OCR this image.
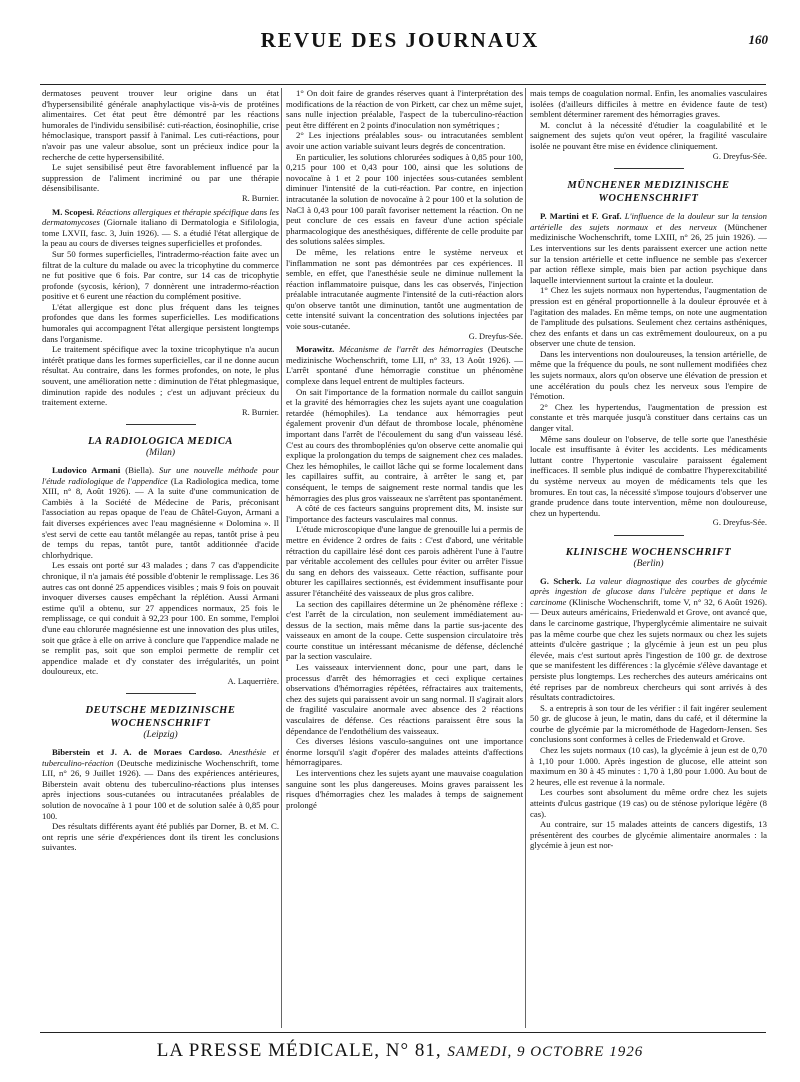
REVUE DES JOURNAUX	160

dermatoses peuvent trouver leur origine dans un état d'hypersensibilité générale anaphylactique vis-à-vis de protéines alimentaires. Cet état peut être démontré par les réactions humorales de l'individu sensibilisé: cuti-réaction, éosinophilie, crise hémoclasique, transport passif à l'animal. Les cuti-réactions, pour n'avoir pas une valeur absolue, sont un précieux indice pour la recherche de cette hypersensibilité.

Le sujet sensibilisé peut être favorablement influencé par la suppression de l'aliment incriminé ou par une thérapie désensibilisante.

R. Burnier.

M. Scopesi. Réactions allergiques et thérapie spécifique dans les dermatomycoses (Giornale italiano di Dermatologia e Sifilologia, tome LXVII, fasc. 3, Juin 1926). — S. a étudié l'état allergique de la peau au cours de diverses teignes superficielles et profondes.

Sur 50 formes superficielles, l'intradermo-réaction faite avec un filtrat de la culture du malade ou avec la tricophytine du commerce ne fut positive que 6 fois. Par contre, sur 14 cas de tricophytie profonde (sycosis, kérion), 7 donnèrent une intradermo-réaction positive et 6 eurent une réaction du complément positive.

L'état allergique est donc plus fréquent dans les teignes profondes que dans les formes superficielles. Les modifications humorales qui accompagnent l'état allergique persistent longtemps dans l'organisme.

Le traitement spécifique avec la toxine tricophytique n'a aucun intérêt pratique dans les formes superficielles, car il ne donne aucun résultat. Au contraire, dans les formes profondes, on note, le plus souvent, une amélioration nette : diminution de l'état phlegmasique, diminution rapide des nodules ; c'est un adjuvant précieux du traitement externe.

R. Burnier.

LA RADIOLOGICA MEDICA

(Milan)

Ludovico Armani (Biella). Sur une nouvelle méthode pour l'étude radiologique de l'appendice (La Radiologica medica, tome XIII, n° 8, Août 1926). — A la suite d'une communication de Cambiès à la Société de Médecine de Paris, préconisant l'association au repas opaque de l'eau de Châtel-Guyon, Armani a fait diverses expériences avec l'eau magnésienne « Dolomina ». Il s'est servi de cette eau tantôt mélangée au repas, tantôt prise à peu de temps du repas, tantôt pure, tantôt additionnée d'acide chlorhydrique.

Les essais ont porté sur 43 malades ; dans 7 cas d'appendicite chronique, il n'a jamais été possible d'obtenir le remplissage. Les 36 autres cas ont donné 25 appendices visibles ; mais 9 fois on pouvait invoquer diverses causes empêchant la réplétion. Aussi Armani estime qu'il a obtenu, sur 27 appendices normaux, 25 fois le remplissage, ce qui conduit à 92,23 pour 100. En somme, l'emploi d'une eau chlorurée magnésienne est une innovation des plus utiles, soit que grâce à elle on arrive à conclure que l'appendice malade ne se remplit pas, soit que son emploi permette de remplir cet appendice malade et d'y constater des irrégularités, un point douloureux, etc.

A. Laquerrière.

DEUTSCHE MEDIZINISCHE WOCHENSCHRIFT

(Leipzig)

Biberstein et J. A. de Moraes Cardoso. Anesthésie et tuberculino-réaction (Deutsche medizinische Wochenschrift, tome LII, n° 26, 9 Juillet 1926). — Dans des expériences antérieures, Biberstein avait obtenu des tuberculino-réactions plus intenses après injections sous-cutanées ou intracutanées préalables de solution de novocaïne à 1 pour 100 et de solution salée à 0,85 pour 100.

Des résultats différents ayant été publiés par Dorner, B. et M. C. ont repris une série d'expériences dont ils tirent les conclusions suivantes.

1° On doit faire de grandes réserves quant à l'interprétation des modifications de la réaction de von Pirkett, car chez un même sujet, sans nulle injection préalable, l'aspect de la tuberculino-réaction peut être différent en 2 points d'inoculation non symétriques ;

2° Les injections préalables sous- ou intracutanées semblent avoir une action variable suivant leurs degrés de concentration.

En particulier, les solutions chlorurées sodiques à 0,85 pour 100, 0,215 pour 100 et 0,43 pour 100, ainsi que les solutions de novocaïne à 1 et 2 pour 100 injectées sous-cutanées semblent diminuer l'intensité de la cuti-réaction. Par contre, en injection intracutanée la solution de novocaïne à 2 pour 100 et la solution de NaCl à 0,43 pour 100 paraît favoriser nettement la réaction. On ne peut conclure de ces essais en faveur d'une action spéciale pharmacologique des anesthésiques, différente de celle produite par des solutions salées simples.

De même, les relations entre le système nerveux et l'inflammation ne sont pas démontrées par ces expériences. Il semble, en effet, que l'anesthésie seule ne diminue nullement la réaction inflammatoire puisque, dans les cas observés, l'injection préalable intracutanée augmente l'intensité de la cuti-réaction alors qu'on observe tantôt une diminution, tantôt une augmentation de cette intensité suivant la concentration des solutions injectées par voie sous-cutanée.

G. Dreyfus-Sée.

Morawitz. Mécanisme de l'arrêt des hémorragies (Deutsche medizinische Wochenschrift, tome LII, n° 33, 13 Août 1926). — L'arrêt spontané d'une hémorragie constitue un phénomène complexe dans lequel entrent de multiples facteurs.

On sait l'importance de la formation normale du caillot sanguin et la gravité des hémorragies chez les sujets ayant une coagulation retardée (hémophiles). La tendance aux hémorragies peut également provenir d'un défaut de thrombose locale, phénomène important dans l'arrêt de l'écoulement du sang d'un vaisseau lésé. C'est au cours des thromboplénies qu'on observe cette anomalie qui explique la prolongation du temps de saignement chez ces malades. Chez les hémophiles, le caillot lâche qui se forme localement dans les capillaires suffit, au contraire, à arrêter le sang et, par conséquent, le temps de saignement reste normal tandis que les hémorragies des plus gros vaisseaux ne s'arrêtent pas spontanément.

A côté de ces facteurs sanguins proprement dits, M. insiste sur l'importance des facteurs vasculaires mal connus.

L'étude microscopique d'une langue de grenouille lui a permis de mettre en évidence 2 ordres de faits : C'est d'abord, une véritable rétraction du capillaire lésé dont ces parois adhèrent l'une à l'autre par véritable accolement des cellules pour éviter ou arrêter l'issue du sang en dehors des vaisseaux. Cette réaction, suffisante pour obturer les capillaires sectionnés, est évidemment insuffisante pour assurer l'étanchéité des vaisseaux de plus gros calibre.

La section des capillaires détermine un 2e phénomène réflexe : c'est l'arrêt de la circulation, non seulement immédiatement au-dessus de la section, mais même dans la partie sus-jacente des vaisseaux en amont de la coupe. Cette suspension circulatoire très courte constitue un intéressant mécanisme de défense, déclenché par la section vasculaire.

Les vaisseaux interviennent donc, pour une part, dans le processus d'arrêt des hémorragies et ceci explique certaines observations d'hémorragies répétées, réfractaires aux traitements, chez des sujets qui paraissent avoir un sang normal. Il s'agirait alors de fragilité vasculaire anormale avec absence des 2 réactions vasculaires de défense. Ces réactions paraissent être sous la dépendance de l'endothélium des vaisseaux.

Ces diverses lésions vasculo-sanguines ont une importance énorme lorsqu'il s'agit d'opérer des malades atteints d'affections hémorragipares.

Les interventions chez les sujets ayant une mauvaise coagulation sanguine sont les plus dangereuses. Moins graves paraissent les risques d'hémorragies chez les malades à temps de saignement prolongé

mais temps de coagulation normal. Enfin, les anomalies vasculaires isolées (d'ailleurs difficiles à mettre en évidence faute de test) semblent déterminer rarement des hémorragies graves.

M. conclut à la nécessité d'étudier la coagulabilité et le saignement des sujets qu'on veut opérer, la fragilité vasculaire isolée ne pouvant être mise en évidence cliniquement.

G. Dreyfus-Sée.

MÜNCHENER MEDIZINISCHE WOCHENSCHRIFT

P. Martini et F. Graf. L'influence de la douleur sur la tension artérielle des sujets normaux et des nerveux (Münchener medizinische Wochenschrift, tome LXIII, n° 26, 25 juin 1926). — Les interventions sur les dents paraissent exercer une action nette sur la tension artérielle et cette influence ne semble pas s'exercer par action réflexe simple, mais bien par action psychique dans laquelle interviennent surtout la crainte et la douleur.

1° Chez les sujets normaux non hypertendus, l'augmentation de pression est en général proportionnelle à la douleur éprouvée et à l'agitation des malades. En même temps, on note une augmentation de l'amplitude des pulsations. Seulement chez certains asthéniques, chez des enfants et dans un cas extrêmement douloureux, on a pu observer une chute de tension.

Dans les interventions non douloureuses, la tension artérielle, de même que la fréquence du pouls, ne sont nullement modifiées chez les sujets normaux, alors qu'on observe une élévation de pression et une accélération du pouls chez les nerveux sous l'empire de l'émotion.

2° Chez les hypertendus, l'augmentation de pression est constante et très marquée jusqu'à constituer dans certains cas un danger vital.

Même sans douleur on l'observe, de telle sorte que l'anesthésie locale est insuffisante à éviter les accidents. Les médicaments luttant contre l'hypertonie vasculaire paraissent également inefficaces. Il semble plus indiqué de combattre l'hyperexcitabilité du système nerveux au moyen de médicaments tels que les bromures. En tout cas, la nécessité s'impose toujours d'observer une grande prudence dans toute intervention, même non douloureuse, chez un hypertendu.

G. Dreyfus-Sée.

KLINISCHE WOCHENSCHRIFT

(Berlin)

G. Scherk. La valeur diagnostique des courbes de glycémie après ingestion de glucose dans l'ulcère peptique et dans le carcinome (Klinische Wochenschrift, tome V, n° 32, 6 Août 1926). — Deux auteurs américains, Friedenwald et Grove, ont avancé que, dans le carcinome gastrique, l'hyperglycémie alimentaire ne suivait pas la même courbe que chez les sujets normaux ou chez les sujets atteints d'ulcère gastrique ; la glycémie à jeun est un peu plus élevée, mais c'est surtout après l'ingestion de 100 gr. de dextrose que se manifestent les différences : la glycémie s'élève davantage et persiste plus longtemps. Les recherches des auteurs américains ont été reprises par de nombreux chercheurs qui sont arrivés à des résultats contradictoires.

S. a entrepris à son tour de les vérifier : il fait ingérer seulement 50 gr. de glucose à jeun, le matin, dans du café, et il détermine la courbe de glycémie par la microméthode de Hagedorn-Jensen. Ses conclusions sont conformes à celles de Friedenwald et Grove.

Chez les sujets normaux (10 cas), la glycémie à jeun est de 0,70 à 1,10 pour 1.000. Après ingestion de glucose, elle atteint son maximum en 30 à 45 minutes : 1,70 à 1,80 pour 1.000. Au bout de 2 heures, elle est revenue à la normale.

Les courbes sont absolument du même ordre chez les sujets atteints d'ulcus gastrique (19 cas) ou de sténose pylorique légère (8 cas).

Au contraire, sur 15 malades atteints de cancers digestifs, 13 présentèrent des courbes de glycémie alimentaire anormales : la glycémie à jeun est nor-

LA PRESSE MÉDICALE, N° 81, SAMEDI, 9 OCTOBRE 1926
